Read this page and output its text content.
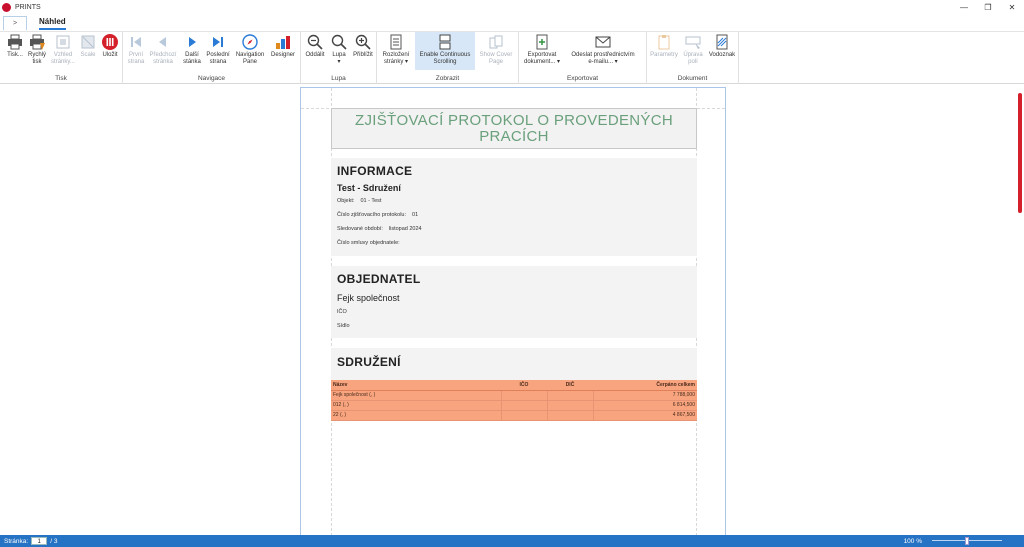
PRINTS	—	❐	✕
>	Náhled
Tisk... Rychlý
tisk
Vzhled
stránky...
Scale	Uložit
Tisk
První
strana
Předchozí
stránka
Další
stánka
Poslední
strana
Navigation
Pane
Designer
Navigace
Oddálit	Lupa
▾
Přiblížit
Lupa
Rozložení
stránky ▾
Enable Continuous
Scrolling
Show Cover
Page
Zobrazit
Exportovat
dokument... ▾
Odeslat prostřednictvím
e-mailu... ▾
Exportovat
Parametry Úprava
polí
Vodoznak
Dokument
ZJIŠŤOVACÍ PROTOKOL O PROVEDENÝCH PRACÍCH
INFORMACE
Test - Sdružení
Objekt: 01 - Test
Číslo zjišťovacího protokolu: 01
Sledované období: listopad 2024
Číslo smluvy objednatele:
OBJEDNATEL
Fejk společnost
IČO
Sídlo
SDRUŽENÍ
Název	IČO	DIČ	Čerpáno celkem
Fejk společnost (, )			7 788,000
012 (, )			6 814,500
22 (, )			4 867,500
Stránka:	1	/ 3	100 %
